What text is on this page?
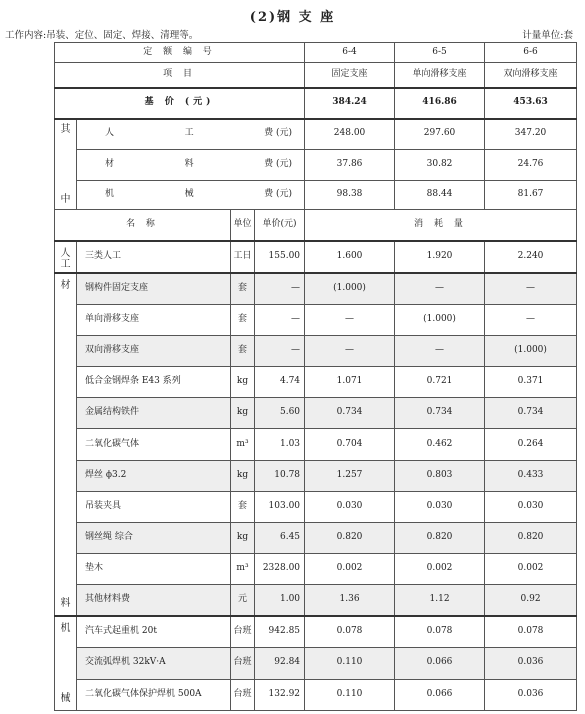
(2)钢 支 座
工作内容:吊装、定位、固定、焊接、清理等。	计量单位:套
定 额 编 号				6-4	6-5	6-6
项 目				固定支座	单向滑移支座	双向滑移支座
基 价 (元)				384.24	416.86	453.63

其
中	人 工 费 (元)			248.00	297.60	347.20

	材 料 费 (元)			37.86	30.82	24.76

	机 械 费 (元)			98.38	88.44	81.67
名 称		单位	单价(元)	消 耗 量		

人
工	三类人工	工日	155.00	1.600	1.920	2.240

材
料	钢构件固定支座	套	—	(1.000)	—	—
	单向滑移支座	套	—	—	(1.000)	—
	双向滑移支座	套	—	—	—	(1.000)
	低合金钢焊条 E43 系列	kg	4.74	1.071	0.721	0.371
	金属结构铁件	kg	5.60	0.734	0.734	0.734
	二氧化碳气体	m³	1.03	0.704	0.462	0.264
	焊丝 ϕ3.2	kg	10.78	1.257	0.803	0.433
	吊装夹具	套	103.00	0.030	0.030	0.030
	钢丝绳 综合	kg	6.45	0.820	0.820	0.820
	垫木	m³	2328.00	0.002	0.002	0.002
	其他材料费	元	1.00	1.36	1.12	0.92

机
械	汽车式起重机 20t	台班	942.85	0.078	0.078	0.078
	交流弧焊机 32kV·A	台班	92.84	0.110	0.066	0.036
	二氧化碳气体保护焊机 500A	台班	132.92	0.110	0.066	0.036
